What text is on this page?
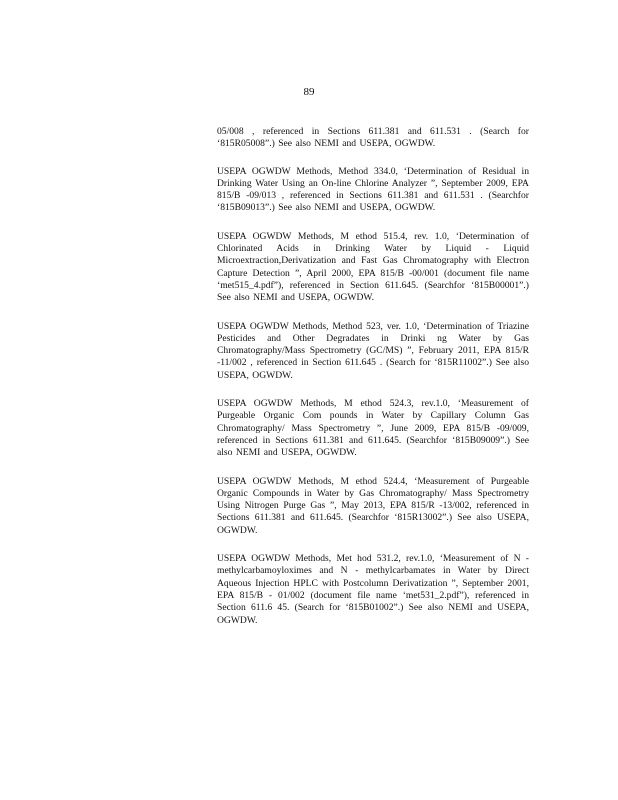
89

05/008 , referenced in Sections 611.381 and 611.531 . (Search for ‘815R05008”.) See also NEMI and USEPA, OGWDW.

USEPA OGWDW Methods, Method 334.0, ‘Determination of Residual in Drinking Water Using an On-line Chlorine Analyzer ”, September 2009, EPA 815/B -09/013 , referenced in Sections 611.381 and 611.531 . (Searchfor ‘815B09013”.) See also NEMI and USEPA, OGWDW.

USEPA OGWDW Methods, M ethod 515.4, rev. 1.0, ‘Determination of Chlorinated Acids in Drinking Water by Liquid - Liquid Microextraction,Derivatization and Fast Gas Chromatography with Electron Capture Detection ”, April 2000, EPA 815/B -00/001 (document file name ‘met515_4.pdf”), referenced in Section 611.645. (Searchfor ‘815B00001”.) See also NEMI and USEPA, OGWDW.

USEPA OGWDW Methods, Method 523, ver. 1.0, ‘Determination of Triazine Pesticides and Other Degradates in Drinki ng Water by Gas Chromatography/Mass Spectrometry (GC/MS) ”, February 2011, EPA 815/R -11/002 , referenced in Section 611.645 . (Search for ‘815R11002”.) See also USEPA, OGWDW.

USEPA OGWDW Methods, M ethod 524.3, rev.1.0, ‘Measurement of Purgeable Organic Com pounds in Water by Capillary Column Gas Chromatography/ Mass Spectrometry ”, June 2009, EPA 815/B -09/009, referenced in Sections 611.381 and 611.645. (Searchfor ‘815B09009”.) See also NEMI and USEPA, OGWDW.

USEPA OGWDW Methods, M ethod 524.4, ‘Measurement of Purgeable Organic Compounds in Water by Gas Chromatography/ Mass Spectrometry Using Nitrogen Purge Gas ”, May 2013, EPA 815/R -13/002, referenced in Sections 611.381 and 611.645. (Searchfor ‘815R13002”.) See also USEPA, OGWDW.

USEPA OGWDW Methods, Met hod 531.2, rev.1.0, ‘Measurement of N -methylcarbamoyloximes and N - methylcarbamates in Water by Direct Aqueous Injection HPLC with Postcolumn Derivatization ”, September 2001, EPA 815/B - 01/002 (document file name ‘met531_2.pdf”), referenced in Section 611.6 45. (Search for ‘815B01002”.) See also NEMI and USEPA, OGWDW.
